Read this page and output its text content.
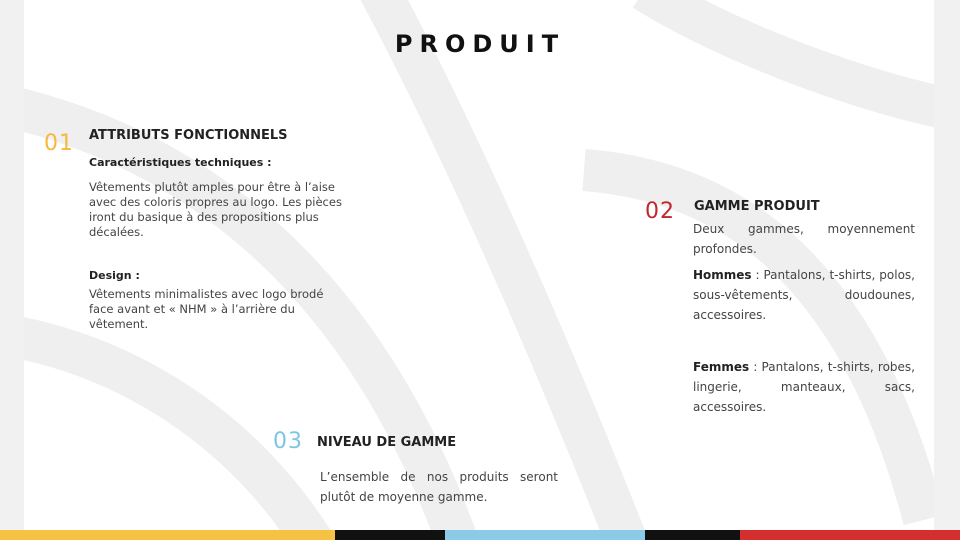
PRODUIT
01 ATTRIBUTS FONCTIONNELS
Caractéristiques techniques :
Vêtements plutôt amples pour être à l’aise avec des coloris propres au logo. Les pièces iront du basique à des propositions plus décalées.
Design :
Vêtements minimalistes avec logo brodé face avant et « NHM » à l’arrière du vêtement.
02 GAMME PRODUIT
Deux gammes, moyennement profondes.
Hommes : Pantalons, t-shirts, polos, sous-vêtements, doudounes, accessoires.
Femmes : Pantalons, t-shirts, robes, lingerie, manteaux, sacs, accessoires.
03 NIVEAU DE GAMME
L’ensemble de nos produits seront plutôt de moyenne gamme.
